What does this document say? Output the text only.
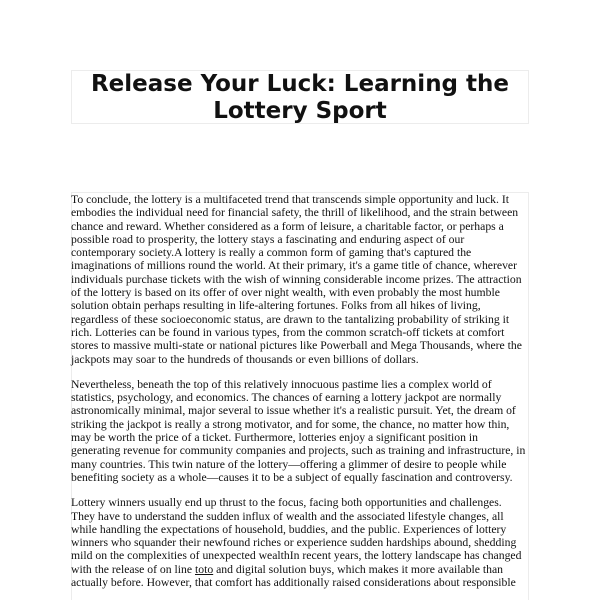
Release Your Luck: Learning the
Lottery Sport

To conclude, the lottery is a multifaceted trend that transcends simple opportunity and luck. It
embodies the individual need for financial safety, the thrill of likelihood, and the strain between
chance and reward. Whether considered as a form of leisure, a charitable factor, or perhaps a
possible road to prosperity, the lottery stays a fascinating and enduring aspect of our
contemporary society.A lottery is really a common form of gaming that's captured the
imaginations of millions round the world. At their primary, it's a game title of chance, wherever
individuals purchase tickets with the wish of winning considerable income prizes. The attraction
of the lottery is based on its offer of over night wealth, with even probably the most humble
solution obtain perhaps resulting in life-altering fortunes. Folks from all hikes of living,
regardless of these socioeconomic status, are drawn to the tantalizing probability of striking it
rich. Lotteries can be found in various types, from the common scratch-off tickets at comfort
stores to massive multi-state or national pictures like Powerball and Mega Thousands, where the
jackpots may soar to the hundreds of thousands or even billions of dollars.

Nevertheless, beneath the top of this relatively innocuous pastime lies a complex world of
statistics, psychology, and economics. The chances of earning a lottery jackpot are normally
astronomically minimal, major several to issue whether it's a realistic pursuit. Yet, the dream of
striking the jackpot is really a strong motivator, and for some, the chance, no matter how thin,
may be worth the price of a ticket. Furthermore, lotteries enjoy a significant position in
generating revenue for community companies and projects, such as training and infrastructure, in
many countries. This twin nature of the lottery—offering a glimmer of desire to people while
benefiting society as a whole—causes it to be a subject of equally fascination and controversy.

Lottery winners usually end up thrust to the focus, facing both opportunities and challenges.
They have to understand the sudden influx of wealth and the associated lifestyle changes, all
while handling the expectations of household, buddies, and the public. Experiences of lottery
winners who squander their newfound riches or experience sudden hardships abound, shedding
mild on the complexities of unexpected wealthIn recent years, the lottery landscape has changed
with the release of on line toto and digital solution buys, which makes it more available than
actually before. However, that comfort has additionally raised considerations about responsible
